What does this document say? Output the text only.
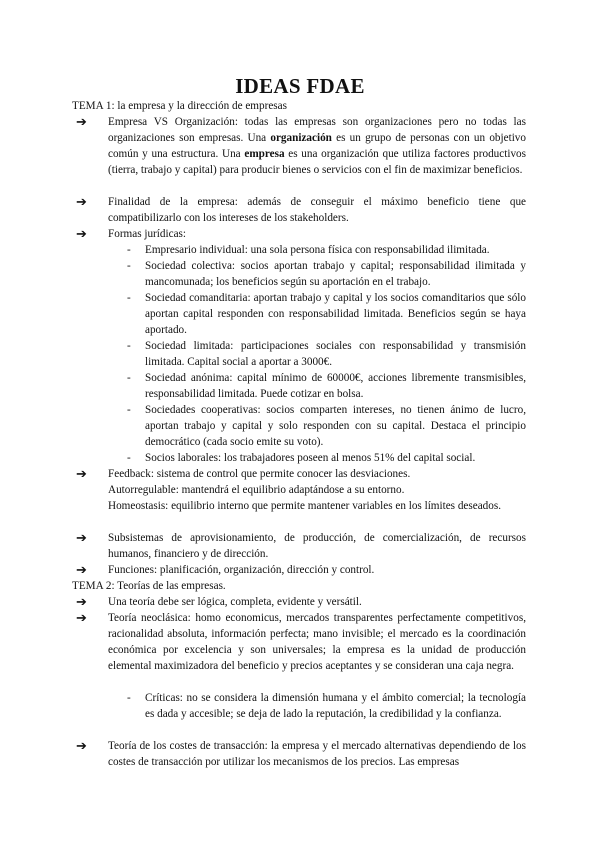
IDEAS FDAE
TEMA 1: la empresa y la dirección de empresas
➔	Empresa VS Organización: todas las empresas son organizaciones pero no todas las organizaciones son empresas. Una organización es un grupo de personas con un objetivo común y una estructura. Una empresa es una organización que utiliza factores productivos (tierra, trabajo y capital) para producir bienes o servicios con el fin de maximizar beneficios.
➔	Finalidad de la empresa: además de conseguir el máximo beneficio tiene que compatibilizarlo con los intereses de los stakeholders.
➔	Formas jurídicas:
-	Empresario individual: una sola persona física con responsabilidad ilimitada.
-	Sociedad colectiva: socios aportan trabajo y capital; responsabilidad ilimitada y mancomunada; los beneficios según su aportación en el trabajo.
-	Sociedad comanditaria: aportan trabajo y capital y los socios comanditarios que sólo aportan capital responden con responsabilidad limitada. Beneficios según se haya aportado.
-	Sociedad limitada: participaciones sociales con responsabilidad y transmisión limitada. Capital social a aportar a 3000€.
-	Sociedad anónima: capital mínimo de 60000€, acciones libremente transmisibles, responsabilidad limitada. Puede cotizar en bolsa.
-	Sociedades cooperativas: socios comparten intereses, no tienen ánimo de lucro, aportan trabajo y capital y solo responden con su capital. Destaca el principio democrático (cada socio emite su voto).
-	Socios laborales: los trabajadores poseen al menos 51% del capital social.
➔	Feedback: sistema de control que permite conocer las desviaciones.
Autorregulable: mantendrá el equilibrio adaptándose a su entorno.
Homeostasis: equilibrio interno que permite mantener variables en los límites deseados.
➔	Subsistemas de aprovisionamiento, de producción, de comercialización, de recursos humanos, financiero y de dirección.
➔	Funciones: planificación, organización, dirección y control.
TEMA 2: Teorías de las empresas.
➔	Una teoría debe ser lógica, completa, evidente y versátil.
➔	Teoría neoclásica: homo economicus, mercados transparentes perfectamente competitivos, racionalidad absoluta, información perfecta; mano invisible; el mercado es la coordinación económica por excelencia y son universales; la empresa es la unidad de producción elemental maximizadora del beneficio y precios aceptantes y se consideran una caja negra.
-	Críticas: no se considera la dimensión humana y el ámbito comercial; la tecnología es dada y accesible; se deja de lado la reputación, la credibilidad y la confianza.
➔	Teoría de los costes de transacción: la empresa y el mercado alternativas dependiendo de los costes de transacción por utilizar los mecanismos de los precios. Las empresas
